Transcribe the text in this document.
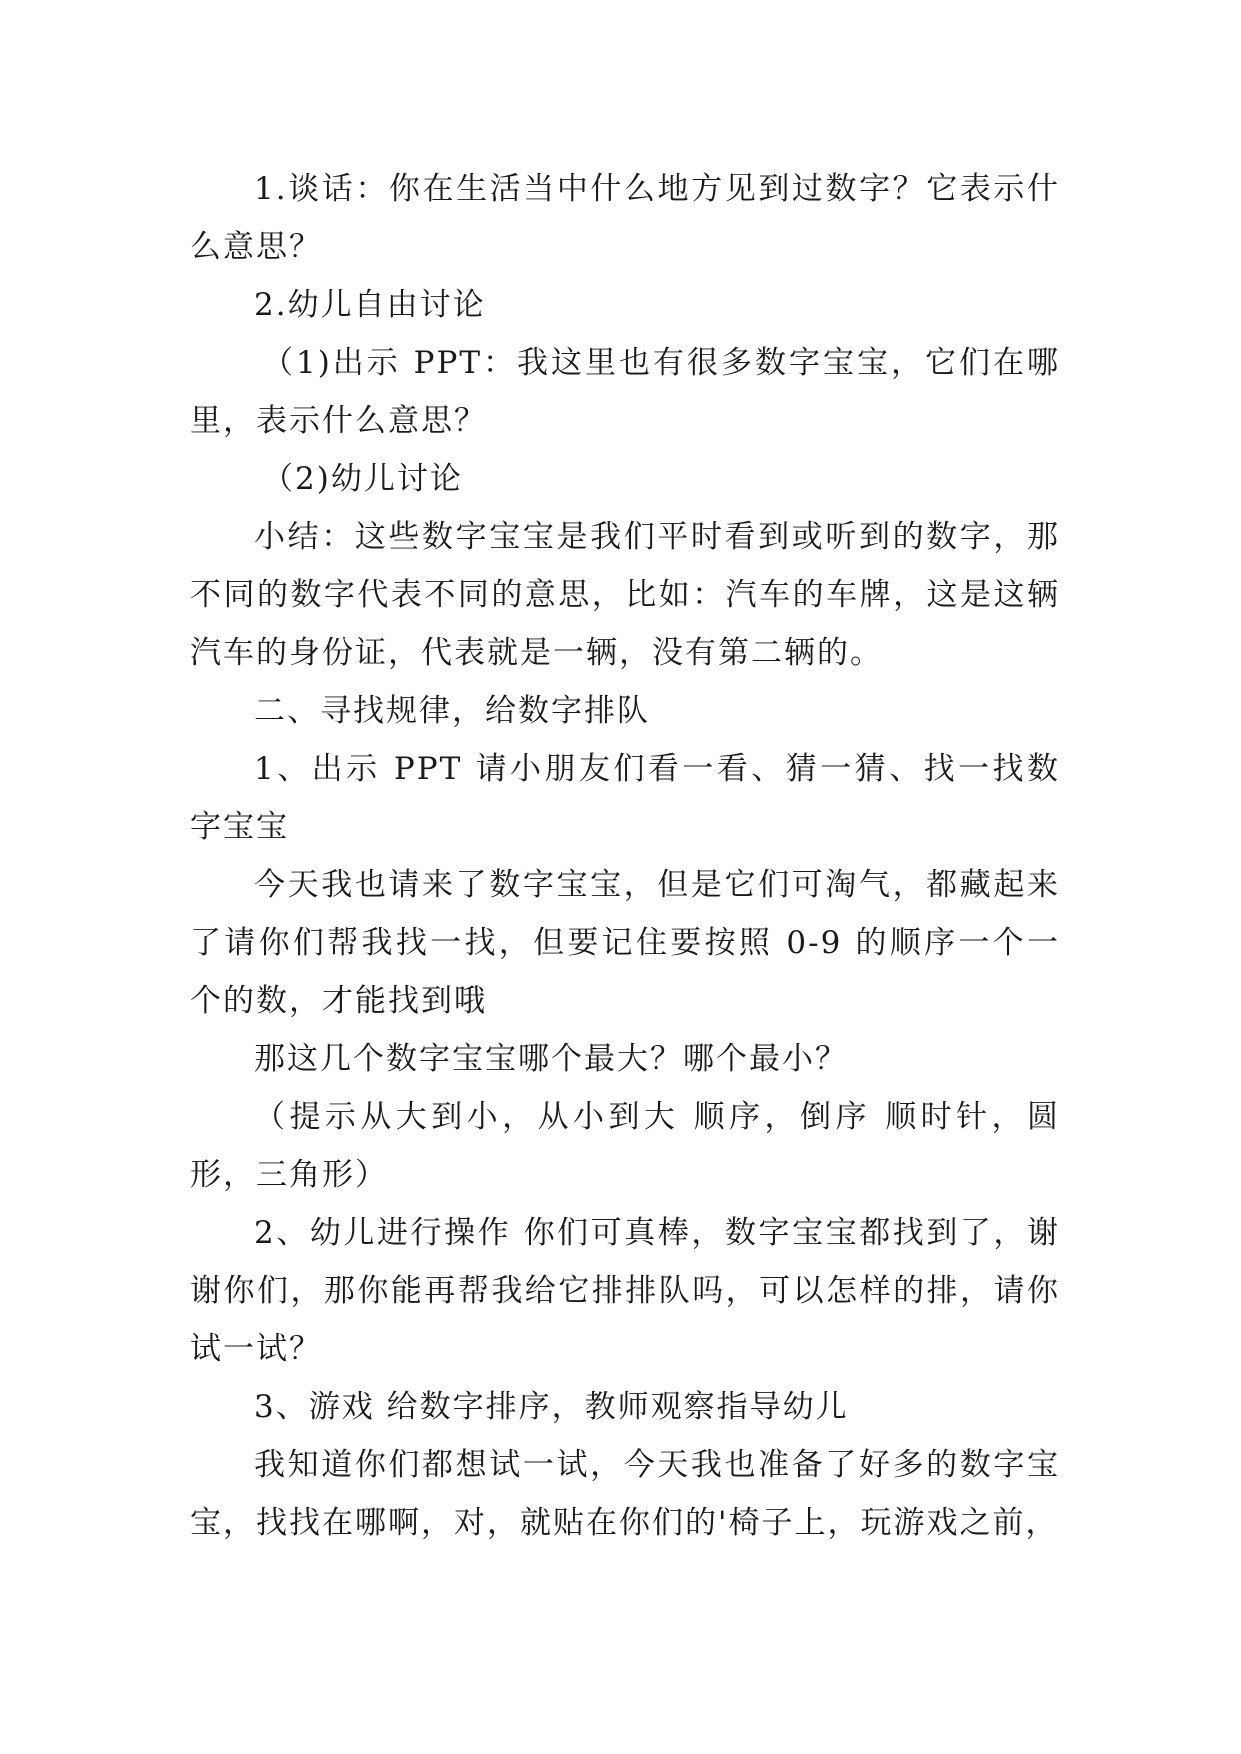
1.谈话：你在生活当中什么地方见到过数字？它表示什么意思？

2.幼儿自由讨论

（1)出示 PPT：我这里也有很多数字宝宝，它们在哪里，表示什么意思？

（2)幼儿讨论

小结：这些数字宝宝是我们平时看到或听到的数字，那不同的数字代表不同的意思，比如：汽车的车牌，这是这辆汽车的身份证，代表就是一辆，没有第二辆的。

二、寻找规律，给数字排队

1、出示 PPT 请小朋友们看一看、猜一猜、找一找数字宝宝

今天我也请来了数字宝宝，但是它们可淘气，都藏起来了请你们帮我找一找，但要记住要按照 0-9 的顺序一个一个的数，才能找到哦

那这几个数字宝宝哪个最大？哪个最小？

（提示从大到小，从小到大 顺序，倒序 顺时针，圆形，三角形）

2、幼儿进行操作 你们可真棒，数字宝宝都找到了，谢谢你们，那你能再帮我给它排排队吗，可以怎样的排，请你试一试？

3、游戏 给数字排序，教师观察指导幼儿

我知道你们都想试一试，今天我也准备了好多的数字宝宝，找找在哪啊，对，就贴在你们的'椅子上，玩游戏之前，
